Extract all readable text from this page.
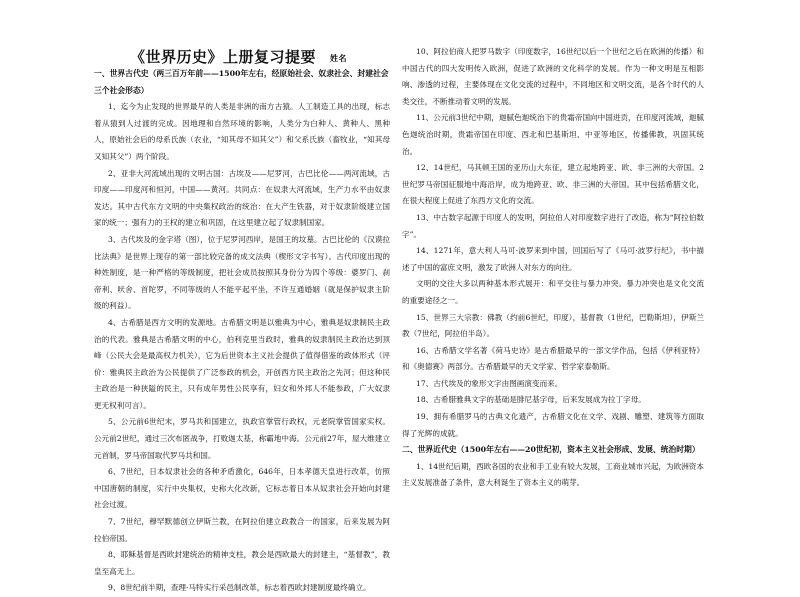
《世界历史》上册复习提要 姓名

一、世界古代史（两三百万年前——1500年左右，经原始社会、奴隶社会、封建社会三个社会形态）

1、迄今为止发现的世界最早的人类是非洲的南方古猿。人工制造工具的出现，标志着从猿到人过渡的完成。因地理和自然环境的影响，人类分为白种人、黄种人、黑种人，原始社会后的母系氏族（农业，“知其母不知其父”）和父系氏族（畜牧业，“知其母又知其父”）两个阶段。

2、亚非大河流域出现的文明古国：古埃及——尼罗河，古巴比伦——两河流域，古印度——印度河和恒河，中国——黄河。共同点：在奴隶大河流域，生产力水平由奴隶发达。其中古代东方文明的中央集权政治的统治：在大产生铁器，对于奴隶阶级建立国家的统一；强有力的王权的建立和巩固，在这里建立起了奴隶制国家。

3、古代埃及的金字塔（图），位于尼罗河西岸，是国王的坟墓。古巴比伦的《汉谟拉比法典》是世界上现存的第一部比较完备的成文法典（楔形文字书写）。古代印度出现的种姓制度，是一种严格的等级制度，把社会成员按照其身份分为四个等级：婆罗门、刹帝利、吠舍、首陀罗，不同等级的人不能平起平坐，不许互通婚姻（就是保护奴隶主阶级的利益）。

4、古希腊是西方文明的发源地。古希腊文明是以雅典为中心，雅典是奴隶制民主政治的代表。雅典是古希腊文明的中心，伯利克里当政时，雅典的奴隶制民主政治达到顶峰（公民大会是最高权力机关），它为后世资本主义社会提供了值得借鉴的政体形式（评价：雅典民主政治为公民提供了广泛参政的机会，开创西方民主政治之先河；但这种民主政治是一种狭隘的民主，只有成年男性公民享有，妇女和外邦人不能参政，广大奴隶更无权利可言）。

5、公元前6世纪末，罗马共和国建立，执政官掌管行政权，元老院掌管国家实权。公元前2世纪，通过三次布匿战争，打败迦太基，称霸地中海。公元前27年，屋大维建立元首制，罗马帝国取代罗马共和国。

6、7世纪，日本奴隶社会的各种矛盾激化，646年，日本孝德天皇进行改革，仿照中国唐朝的制度，实行中央集权，史称大化改新，它标志着日本从奴隶社会开始向封建社会过渡。

7、7世纪，穆罕默德创立伊斯兰教，在阿拉伯建立政教合一的国家，后来发展为阿拉伯帝国。

8、耶稣基督是西欧封建统治的精神支柱，教会是西欧最大的封建主，“基督教”，教皇至高无上。

9、8世纪前半期，查理·马特实行采邑制改革，标志着西欧封建制度最终确立。

10、阿拉伯商人把罗马数字（印度数字，16世纪以后一个世纪之后在欧洲的传播）和中国古代的四大发明传入欧洲，促进了欧洲的文化科学的发展。作为一种文明是互相影响、渗透的过程，主要体现在文化交流的过程中，不同地区和文明交流，是各个时代的人类交往，不断推动着文明的发展。

11、公元前3世纪中期，迦腻色迦统治下的贵霜帝国向中国进贡，在印度河流域，迦腻色迦统治时期，贵霜帝国在印度、西北和巴基斯坦、中亚等地区，传播佛教，巩固其统治。

12、14世纪，马其顿王国的亚历山大东征，建立起地跨亚、欧、非三洲的大帝国。2世纪罗马帝国征服地中海沿岸，成为地跨亚、欧、非三洲的大帝国。其中包括希腊文化，在很大程度上促进了东西方文化的交流。

13、中古数字起源于印度人的发明，阿拉伯人对印度数字进行了改造，称为“阿拉伯数字”。

14、1271年，意大利人马可·波罗来到中国，回国后写了《马可·波罗行纪》，书中描述了中国的富庶文明，激发了欧洲人对东方的向往。

文明的交往大多以两种基本形式展开：和平交往与暴力冲突。暴力冲突也是文化交流的重要途径之一。

15、世界三大宗教：佛教（约前6世纪，印度），基督教（1世纪，巴勒斯坦），伊斯兰教（7世纪，阿拉伯半岛）。

16、古希腊文学名著《荷马史诗》是古希腊最早的一部文学作品，包括《伊利亚特》和《奥德赛》两部分。古希腊最早的天文学家、哲学家泰勒斯。

17、古代埃及的象形文字由图画演变而来。

18、古希腊雅典文字的基础是腓尼基字母，后来发展成为拉丁字母。

19、拥有希腊罗马的古典文化遗产，古希腊文化在文学、戏剧、雕塑、建筑等方面取得了光辉的成就。

二、世界近代史（1500年左右——20世纪初，资本主义社会形成、发展、统治时期）

1、14世纪后期，西欧各国的农业和手工业有较大发展，工商业城市兴起，为欧洲资本主义发展准备了条件，意大利诞生了资本主义的萌芽。
